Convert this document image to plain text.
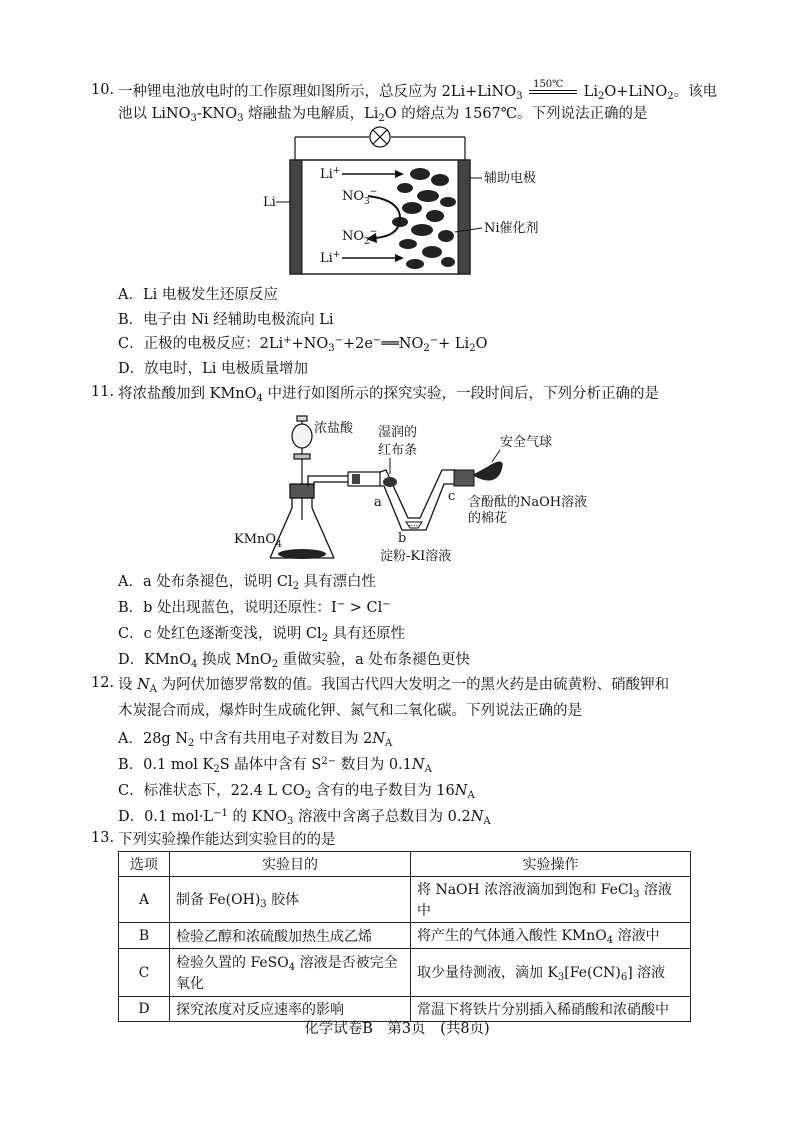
10. 一种锂电池放电时的工作原理如图所示，总反应为 2Li+LiNO$_3$
150℃ $Li_2O+LiNO_2$。该电
池以 $LiNO_3-KNO_3$ 熔融盐为电解质，$Li_2O$ 的熔点为 1567℃。下列说法正确的是
Li+
$NO_3^-$
$NO_2^-$
Li+
Li
辅助电极
Ni催化剂
A．Li 电极发生还原反应
B．电子由 Ni 经辅助电极流向 Li
C．正极的电极反应：$2Li^++NO_3^-+2e^-══NO_2^-+ Li_2O$
D．放电时，Li 电极质量增加
11. 将浓盐酸加到 KMnO$_4$ 中进行如图所示的探究实验，一段时间后，下列分析正确的是
浓盐酸
KMnO$_4$
a
....
b
c
湿润的
红布条
安全气球
含酚酞的NaOH溶液
的棉花
淀粉-KI溶液
A．a 处布条褪色，说明 $Cl_2$ 具有漂白性
B．b 处出现蓝色，说明还原性：I− > Cl−
C．c 处红色逐渐变浅，说明 $Cl_2$ 具有还原性
D．KMnO$_4$ 换成 MnO$_2$ 重做实验，a 处布条褪色更快
12. 设 $N_A$ 为阿伏加德罗常数的值。我国古代四大发明之一的黑火药是由硫黄粉、硝酸钾和
木炭混合而成，爆炸时生成硫化钾、氮气和二氧化碳。下列说法正确的是
A．28g $N_2$ 中含有共用电子对数目为 $2N_A$
B．0.1 mol $K_2S$ 晶体中含有 $S^{2-}$ 数目为 $0.1N_A$
C．标准状态下，22.4 L $CO_2$ 含有的电子数目为 $16N_A$
D．0.1 $mol\cdot L^{-1}$ 的 $KNO_3$ 溶液中含离子总数目为 $0.2N_A$
13. 下列实验操作能达到实验目的的是
选项	实验目的	实验操作
A	制备 $Fe(OH)_3$ 胶体	将 NaOH 浓溶液滴加到饱和 FeCl$_3$ 溶液中
B	检验乙醇和浓硫酸加热生成乙烯	将产生的气体通入酸性 KMnO$_4$ 溶液中
C	检验久置的 FeSO$_4$ 溶液是否被完全氧化	取少量待测液，滴加 $K_3[Fe(CN)_6]$ 溶液
D	探究浓度对反应速率的影响	常温下将铁片分别插入稀硝酸和浓硝酸中
化学试卷B　第3页　(共8页)
